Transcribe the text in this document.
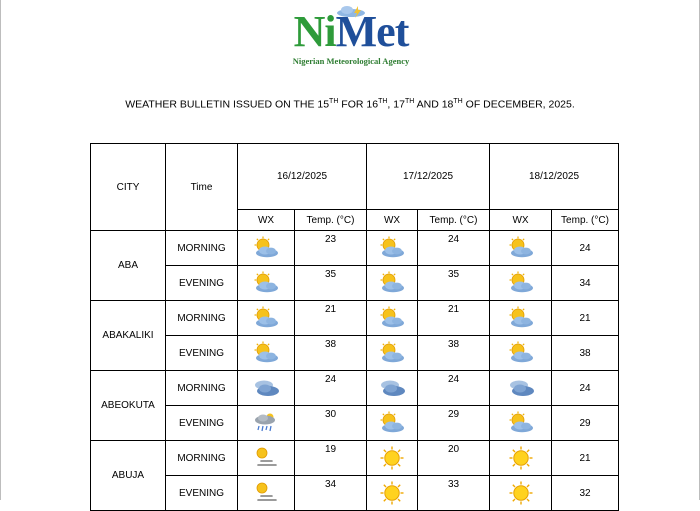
NiMet
Nigerian Meteorological Agency
WEATHER BULLETIN ISSUED ON THE 15TH FOR 16TH, 17TH AND 18TH OF DECEMBER, 2025.
CITY	Time	16/12/2025		17/12/2025		18/12/2025	
		WX	Temp. (°C)	WX	Temp. (°C)	WX	Temp. (°C)
ABA	MORNING		23		24		24
	EVENING		35		35		34
ABAKALIKI	MORNING		21		21		21
	EVENING		38		38		38
ABEOKUTA	MORNING		24		24		24
	EVENING		30		29		29
ABUJA	MORNING		19		20		21
	EVENING		34		33		32
